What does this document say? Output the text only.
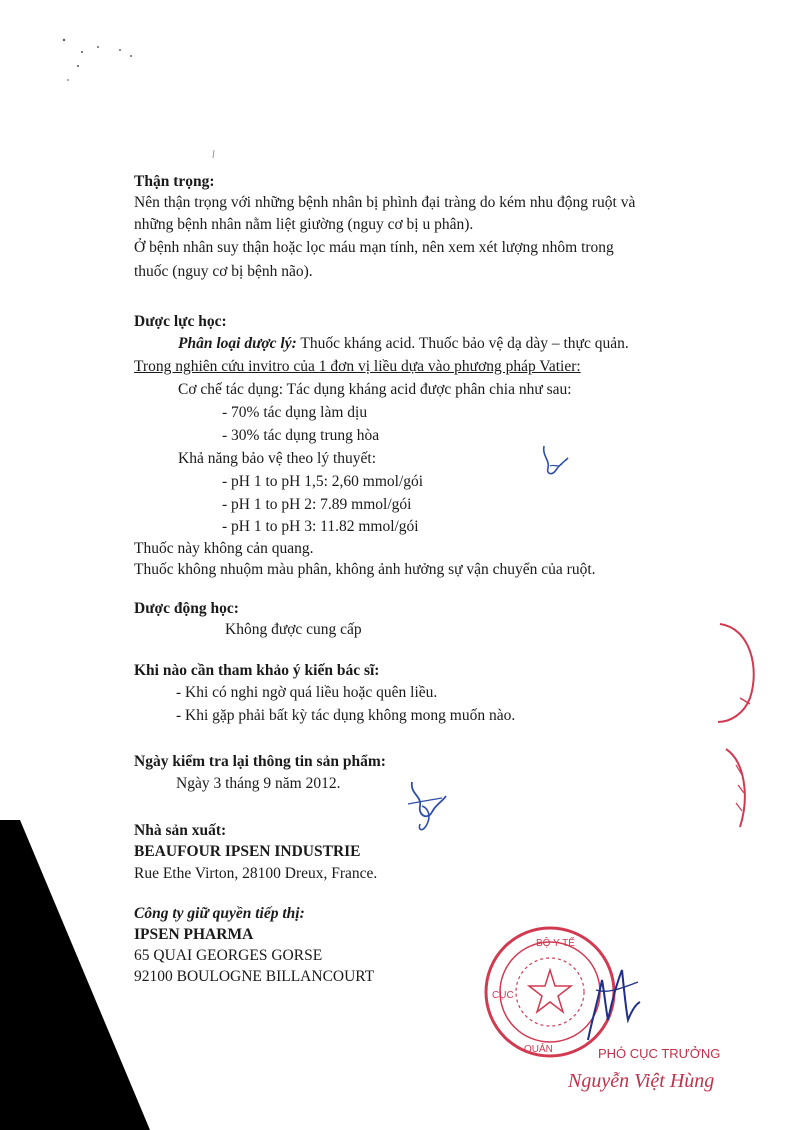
Thận trọng:
Nên thận trọng với những bệnh nhân bị phình đại tràng do kém nhu động ruột và
những bệnh nhân nằm liệt giường (nguy cơ bị u phân).
Ở bệnh nhân suy thận hoặc lọc máu mạn tính, nên xem xét lượng nhôm trong
thuốc (nguy cơ bị bệnh não).
Dược lực học:
Phân loại dược lý: Thuốc kháng acid. Thuốc bảo vệ dạ dày – thực quản.
Trong nghiên cứu invitro của 1 đơn vị liều dựa vào phương pháp Vatier:
Cơ chế tác dụng: Tác dụng kháng acid được phân chia như sau:
- 70% tác dụng làm dịu
- 30% tác dụng trung hòa
Khả năng bảo vệ theo lý thuyết:
- pH 1 to pH 1,5: 2,60 mmol/gói
- pH 1 to pH 2: 7.89 mmol/gói
- pH 1 to pH 3: 11.82 mmol/gói
Thuốc này không cản quang.
Thuốc không nhuộm màu phân, không ảnh hưởng sự vận chuyển của ruột.
Dược động học:
Không được cung cấp
Khi nào cần tham khảo ý kiến bác sĩ:
- Khi có nghi ngờ quá liều hoặc quên liều.
- Khi gặp phải bất kỳ tác dụng không mong muốn nào.
Ngày kiểm tra lại thông tin sản phẩm:
Ngày 3 tháng 9 năm 2012.
Nhà sản xuất:
BEAUFOUR IPSEN INDUSTRIE
Rue Ethe Virton, 28100 Dreux, France.
Công ty giữ quyền tiếp thị:
IPSEN PHARMA
65 QUAI GEORGES GORSE
92100 BOULOGNE BILLANCOURT
BỘ Y TẾ
CỤC
QUẢN	PHÓ CỤC TRƯỞNG
Nguyễn Việt Hùng
